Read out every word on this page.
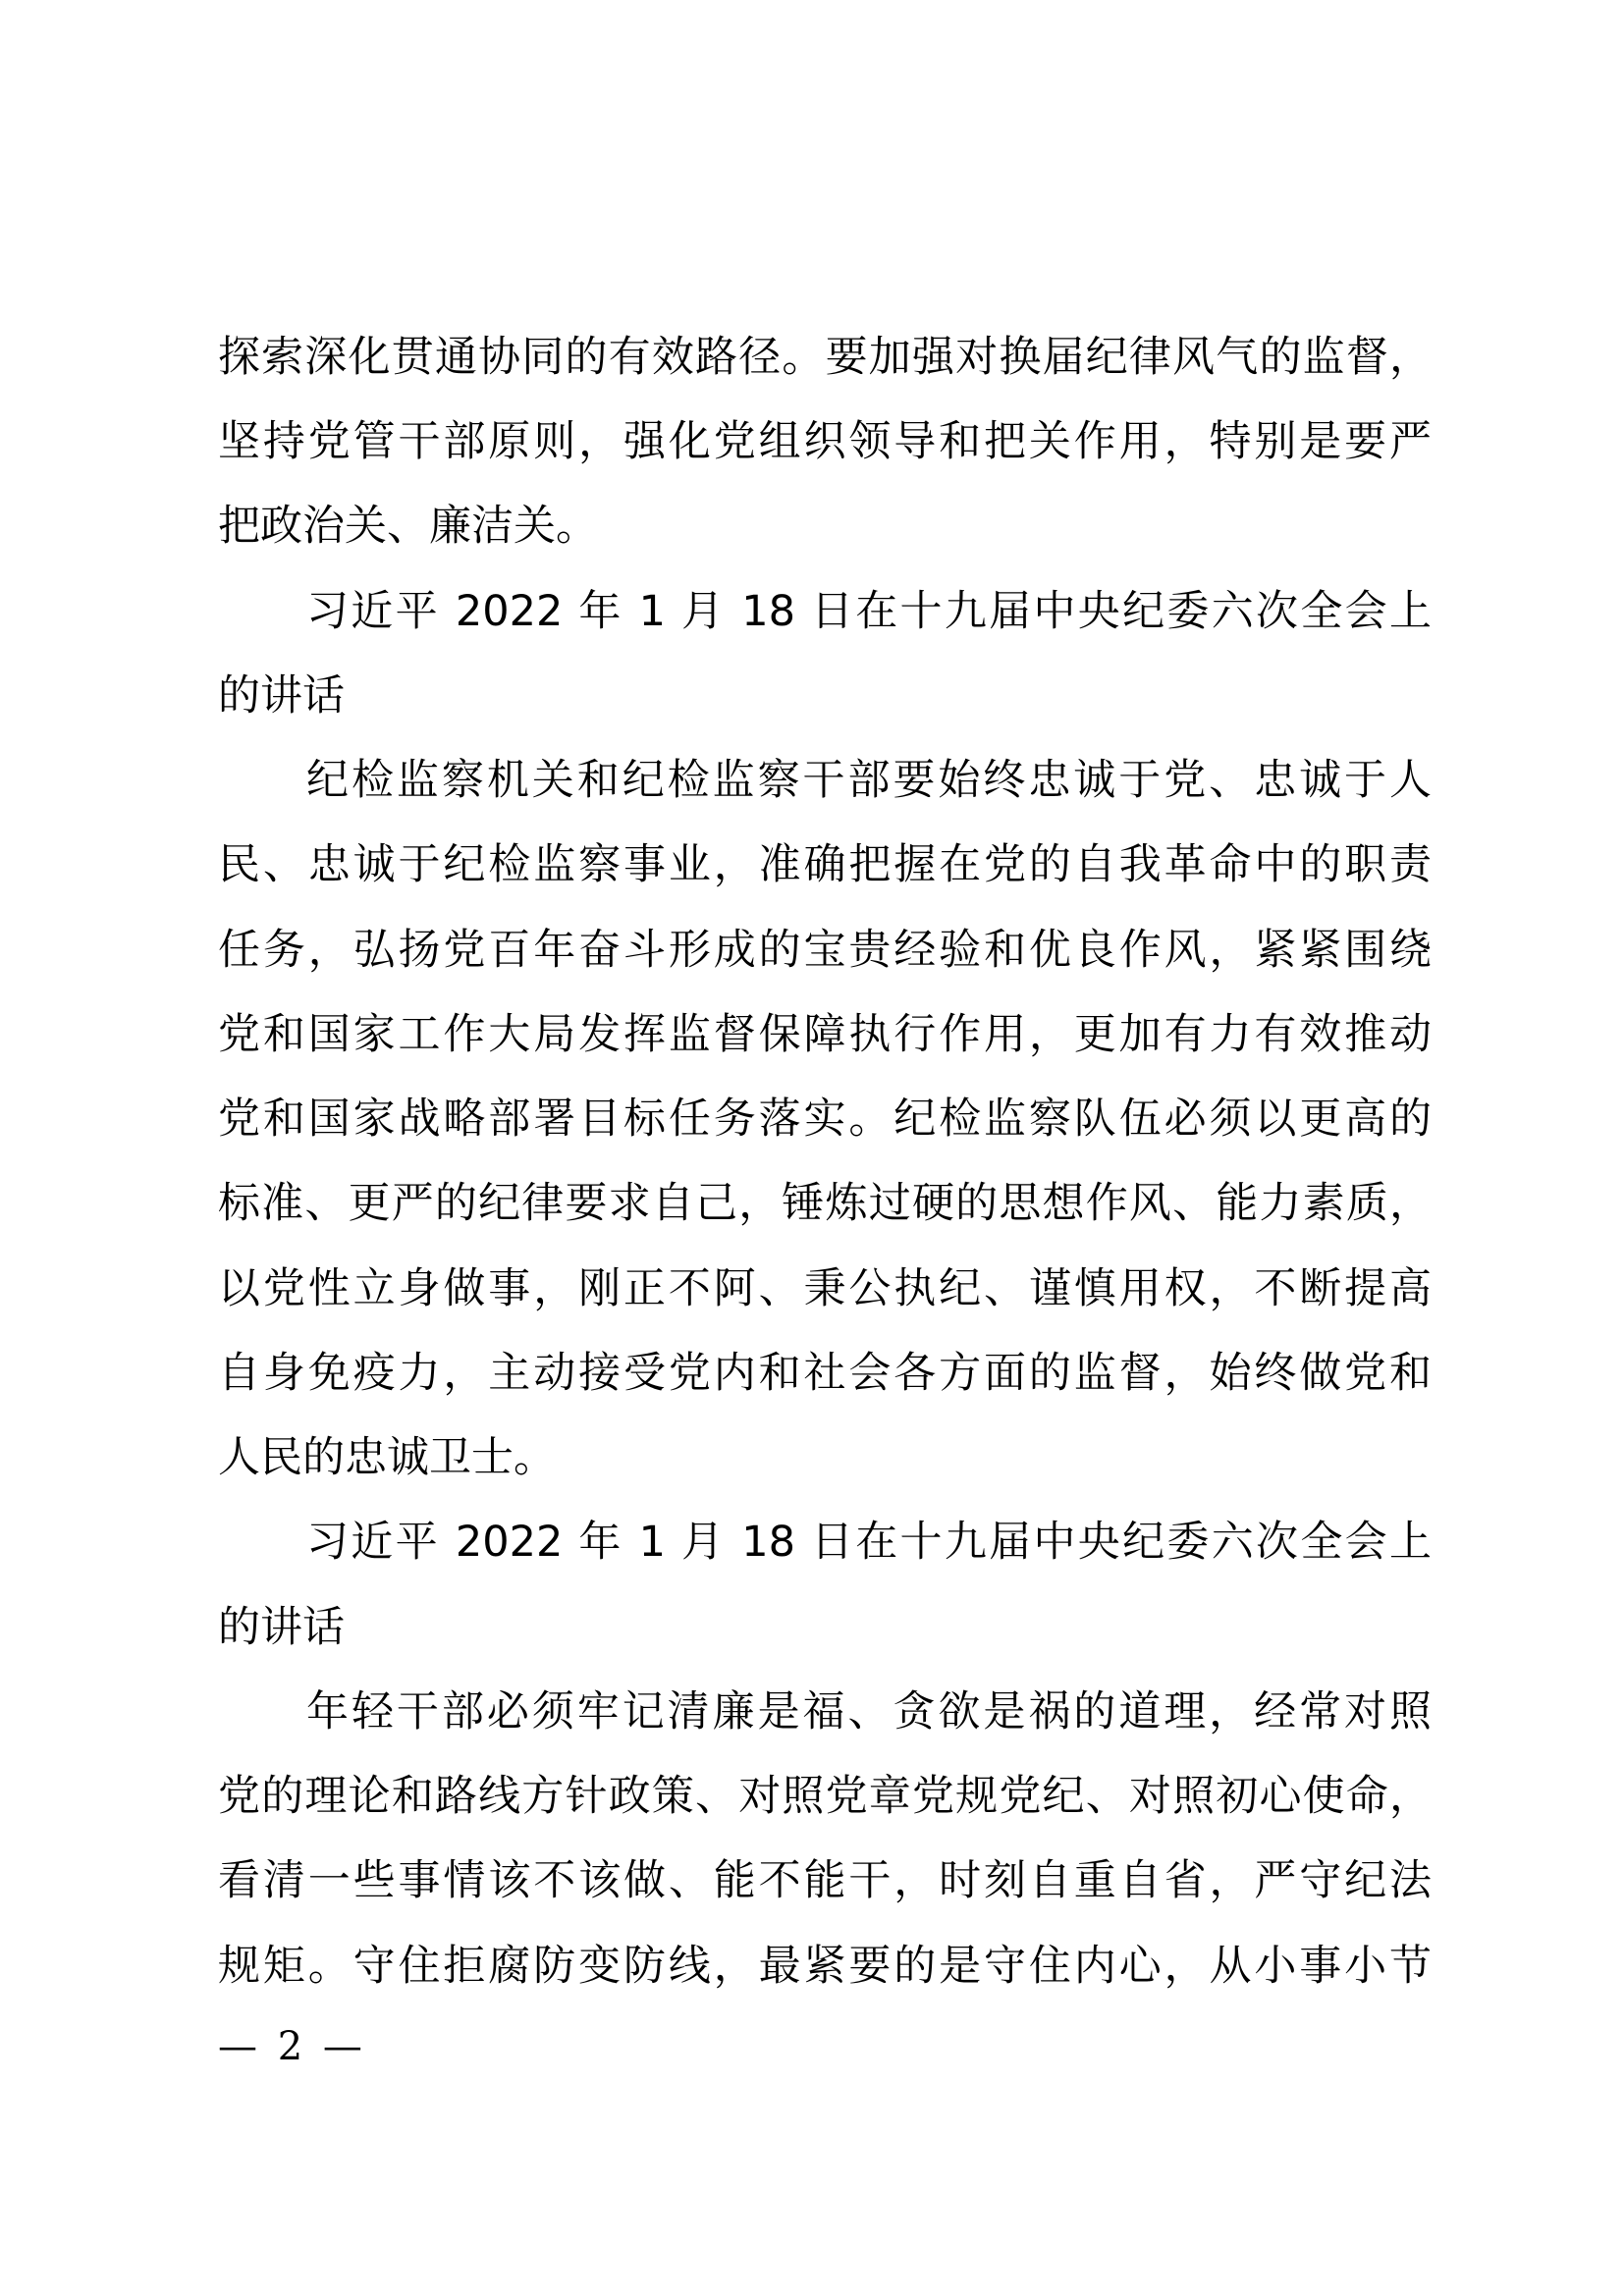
探索深化贯通协同的有效路径。要加强对换届纪律风气的监督，
坚持党管干部原则，强化党组织领导和把关作用，特别是要严
把政治关、廉洁关。
习近平 2022 年 1 月 18 日在十九届中央纪委六次全会上
的讲话
纪检监察机关和纪检监察干部要始终忠诚于党、忠诚于人
民、忠诚于纪检监察事业，准确把握在党的自我革命中的职责
任务，弘扬党百年奋斗形成的宝贵经验和优良作风，紧紧围绕
党和国家工作大局发挥监督保障执行作用，更加有力有效推动
党和国家战略部署目标任务落实。纪检监察队伍必须以更高的
标准、更严的纪律要求自己，锤炼过硬的思想作风、能力素质，
以党性立身做事，刚正不阿、秉公执纪、谨慎用权，不断提高
自身免疫力，主动接受党内和社会各方面的监督，始终做党和
人民的忠诚卫士。
习近平 2022 年 1 月 18 日在十九届中央纪委六次全会上
的讲话
年轻干部必须牢记清廉是福、贪欲是祸的道理，经常对照
党的理论和路线方针政策、对照党章党规党纪、对照初心使命，
看清一些事情该不该做、能不能干，时刻自重自省，严守纪法
规矩。守住拒腐防变防线，最紧要的是守住内心，从小事小节
— 2 —
